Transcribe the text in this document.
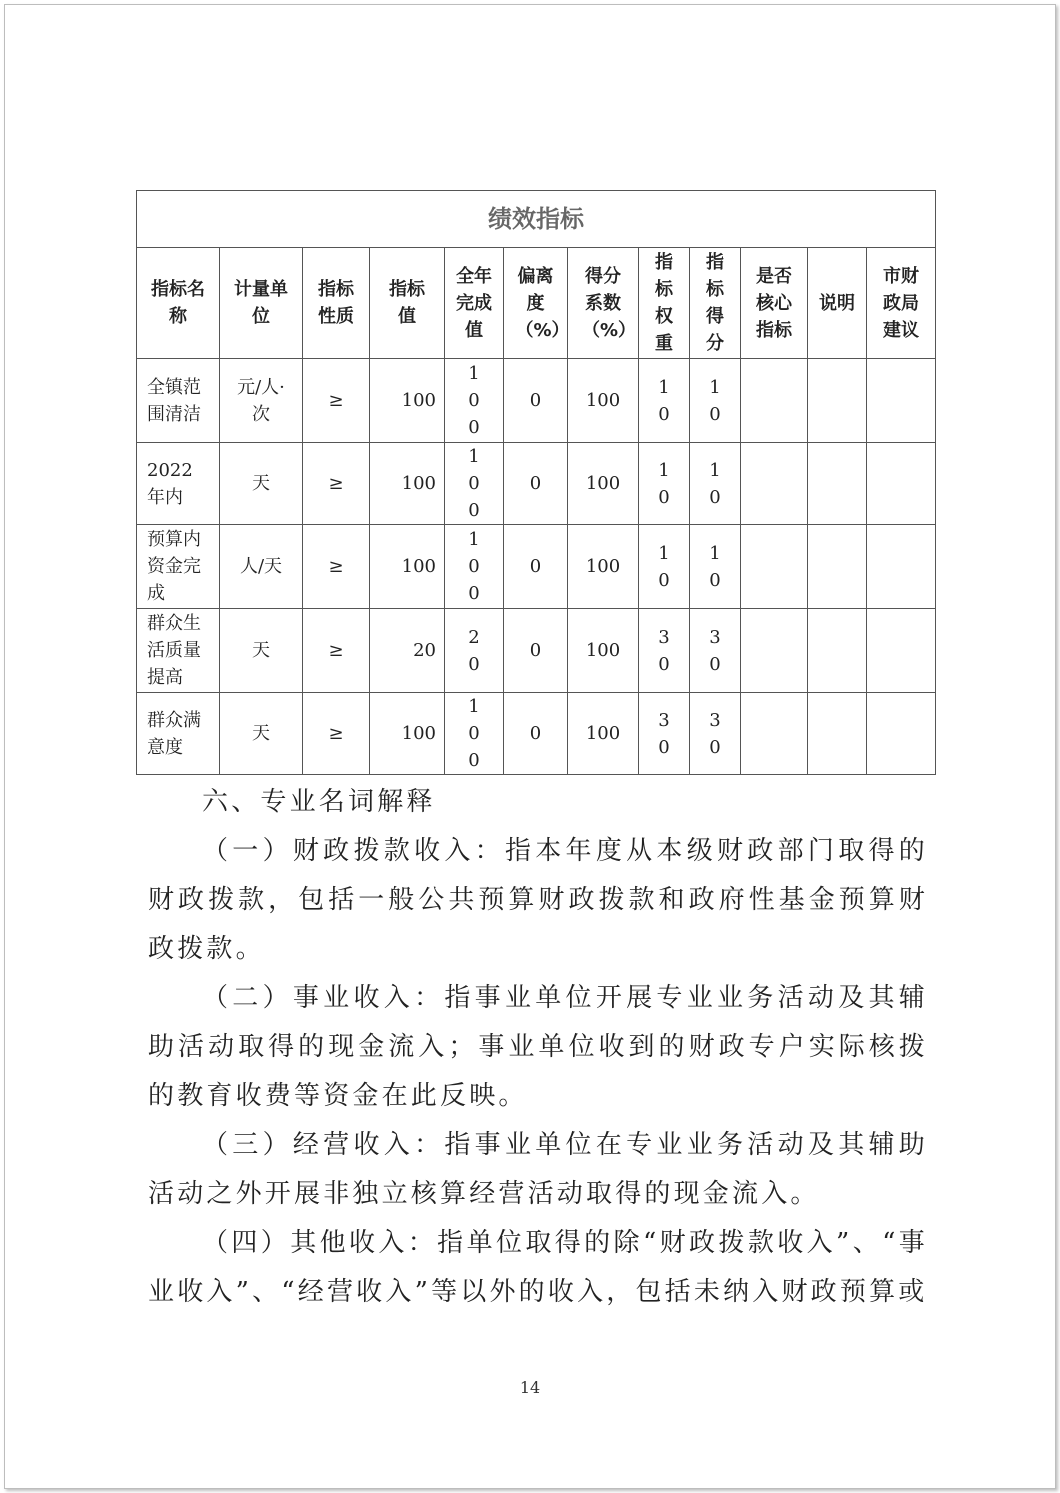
绩效指标											
指标名称	计量单位	指标性质	指标值	全年完成值	偏离度（%）	得分系数（%）	指标权重	指标得分	是否核心指标	说明	市财政局建议
全镇范围清洁	元/人·次	≥	100	100	0	100	10	10			
2022年内	天	≥	100	100	0	100	10	10			
预算内资金完成	人/天	≥	100	100	0	100	10	10			
群众生活质量提高	天	≥	20	20	0	100	30	30			
群众满意度	天	≥	100	100	0	100	30	30			

六、专业名词解释

（一）财政拨款收入：指本年度从本级财政部门取得的财政拨款，包括一般公共预算财政拨款和政府性基金预算财政拨款。

（二）事业收入：指事业单位开展专业业务活动及其辅助活动取得的现金流入；事业单位收到的财政专户实际核拨的教育收费等资金在此反映。

（三）经营收入：指事业单位在专业业务活动及其辅助活动之外开展非独立核算经营活动取得的现金流入。

（四）其他收入：指单位取得的除“财政拨款收入”、“事业收入”、“经营收入”等以外的收入，包括未纳入财政预算或

14
